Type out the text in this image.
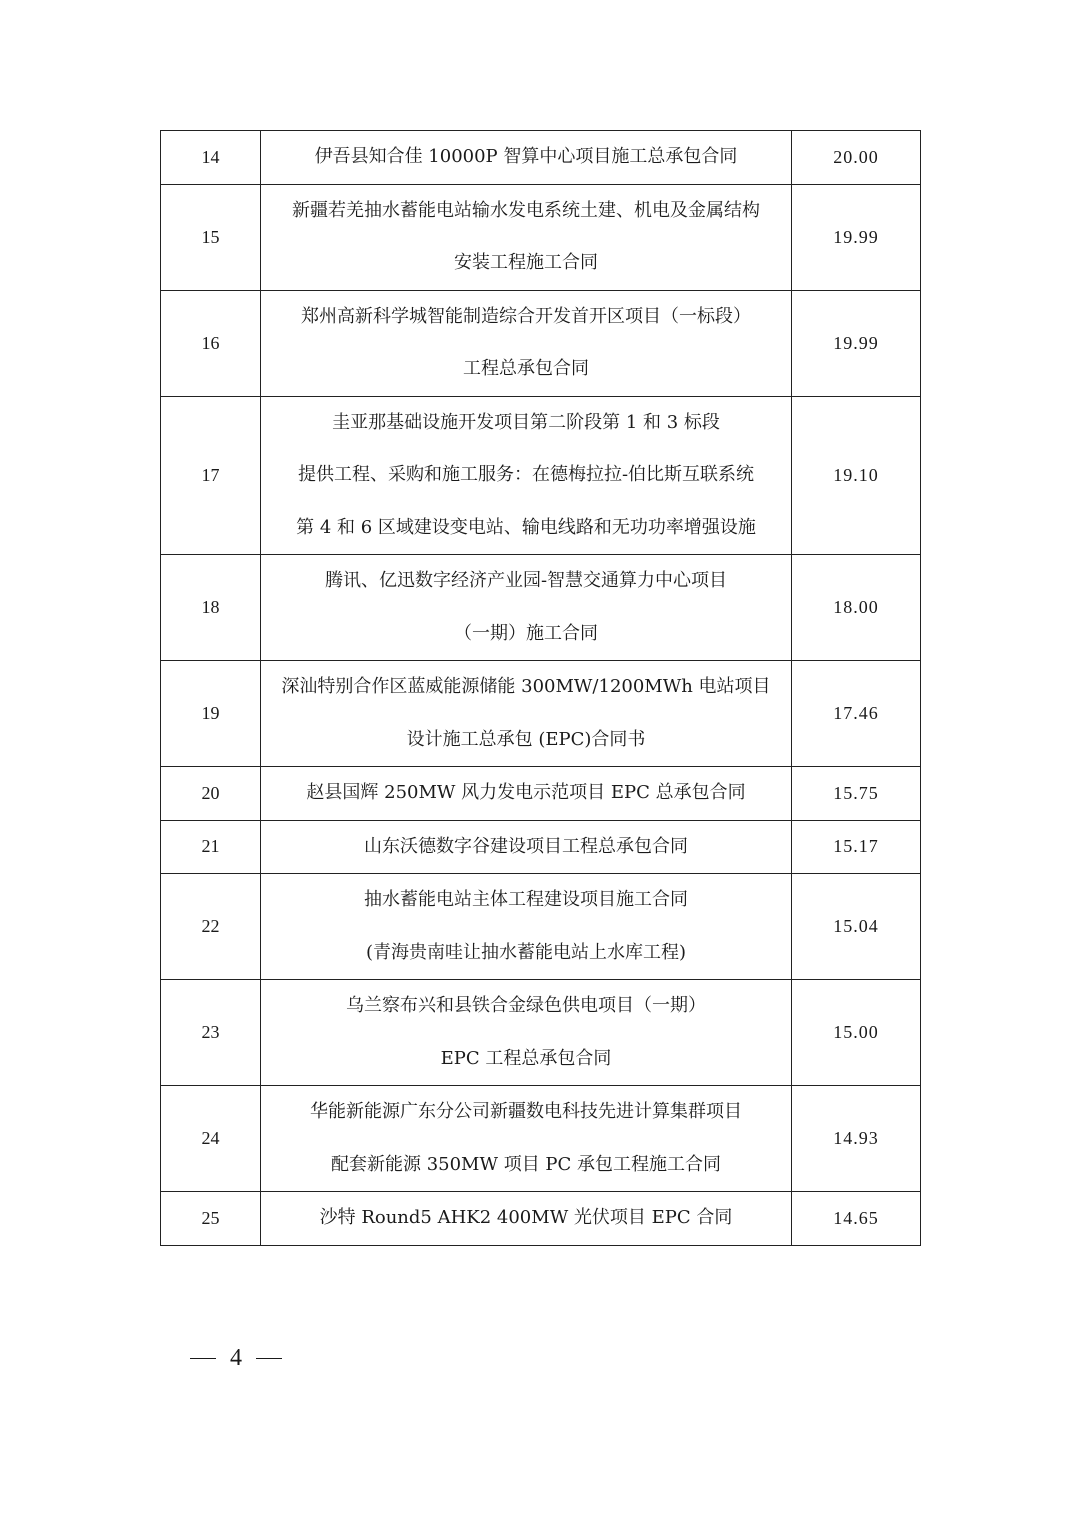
14	伊吾县知合佳 10000P 智算中心项目施工总承包合同	20.00
15	新疆若羌抽水蓄能电站输水发电系统土建、机电及金属结构
安装工程施工合同	19.99
16	郑州高新科学城智能制造综合开发首开区项目（一标段）
工程总承包合同	19.99
17	圭亚那基础设施开发项目第二阶段第 1 和 3 标段
提供工程、采购和施工服务：在德梅拉拉-伯比斯互联系统
第 4 和 6 区域建设变电站、输电线路和无功功率增强设施	19.10
18	腾讯、亿迅数字经济产业园-智慧交通算力中心项目
（一期）施工合同	18.00
19	深汕特别合作区蓝威能源储能 300MW/1200MWh 电站项目
设计施工总承包 (EPC)合同书	17.46
20	赵县国辉 250MW 风力发电示范项目 EPC 总承包合同	15.75
21	山东沃德数字谷建设项目工程总承包合同	15.17
22	抽水蓄能电站主体工程建设项目施工合同
(青海贵南哇让抽水蓄能电站上水库工程)	15.04
23	乌兰察布兴和县铁合金绿色供电项目（一期）
EPC 工程总承包合同	15.00
24	华能新能源广东分公司新疆数电科技先进计算集群项目
配套新能源 350MW 项目 PC 承包工程施工合同	14.93
25	沙特 Round5 AHK2 400MW 光伏项目 EPC 合同	14.65
4
